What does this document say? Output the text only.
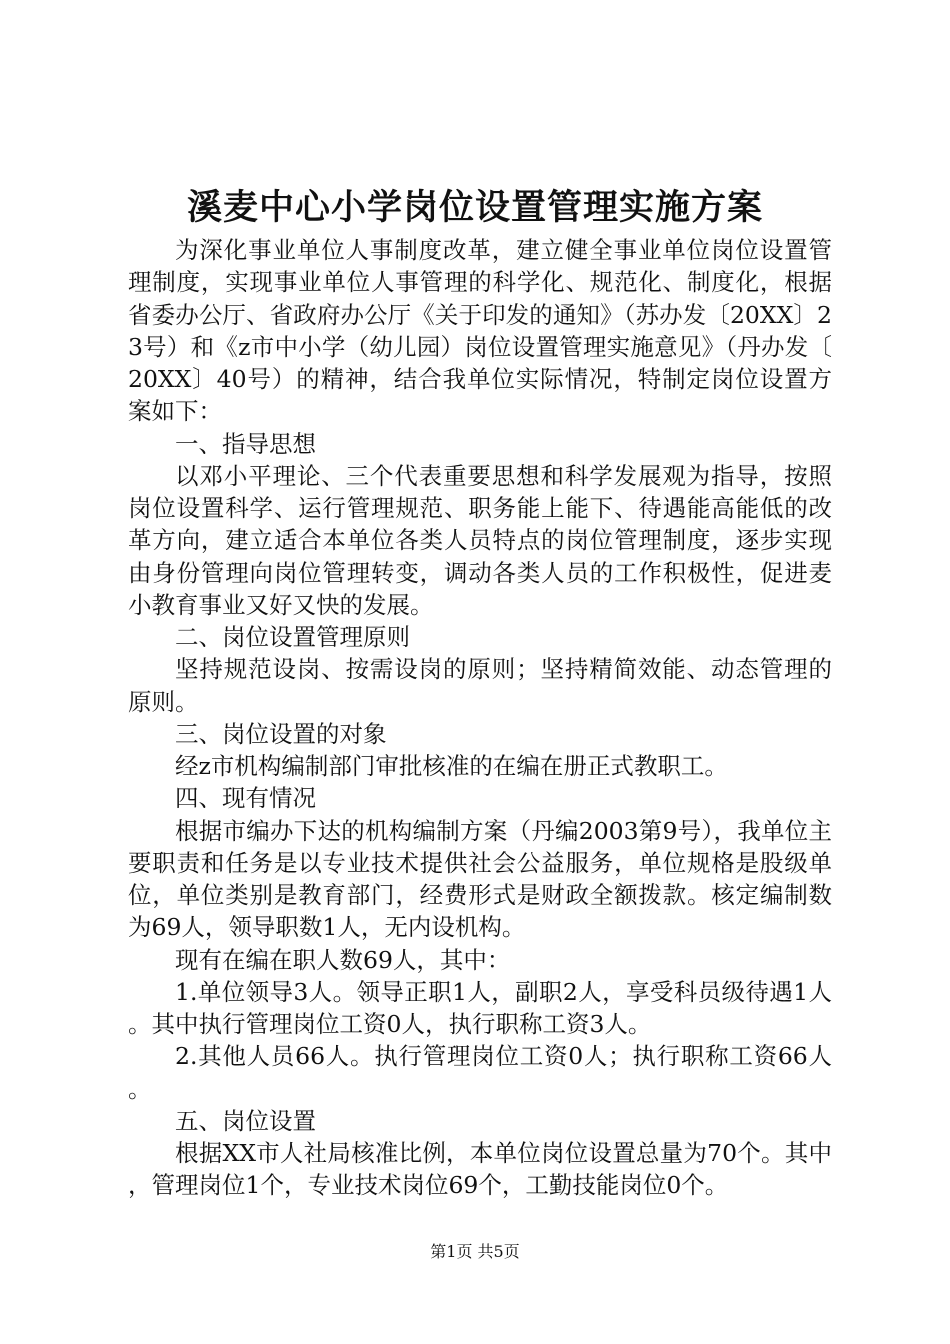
溪麦中心小学岗位设置管理实施方案

为深化事业单位人事制度改革，建立健全事业单位岗位设置管理制度，实现事业单位人事管理的科学化、规范化、制度化，根据省委办公厅、省政府办公厅《关于印发的通知》（苏办发〔20XX〕23号）和《z市中小学（幼儿园）岗位设置管理实施意见》（丹办发〔20XX〕40号）的精神，结合我单位实际情况，特制定岗位设置方案如下：

一、指导思想

以邓小平理论、三个代表重要思想和科学发展观为指导，按照岗位设置科学、运行管理规范、职务能上能下、待遇能高能低的改革方向，建立适合本单位各类人员特点的岗位管理制度，逐步实现由身份管理向岗位管理转变，调动各类人员的工作积极性，促进麦小教育事业又好又快的发展。

二、岗位设置管理原则

坚持规范设岗、按需设岗的原则；坚持精简效能、动态管理的原则。

三、岗位设置的对象

经z市机构编制部门审批核准的在编在册正式教职工。

四、现有情况

根据市编办下达的机构编制方案（丹编2003第9号），我单位主要职责和任务是以专业技术提供社会公益服务，单位规格是股级单位，单位类别是教育部门，经费形式是财政全额拨款。核定编制数为69人，领导职数1人，无内设机构。

现有在编在职人数69人，其中：

1.单位领导3人。领导正职1人，副职2人，享受科员级待遇1人。其中执行管理岗位工资0人，执行职称工资3人。

2.其他人员66人。执行管理岗位工资0人；执行职称工资66人。

五、岗位设置

根据XX市人社局核准比例，本单位岗位设置总量为70个。其中，管理岗位1个，专业技术岗位69个，工勤技能岗位0个。

第1页 共5页
